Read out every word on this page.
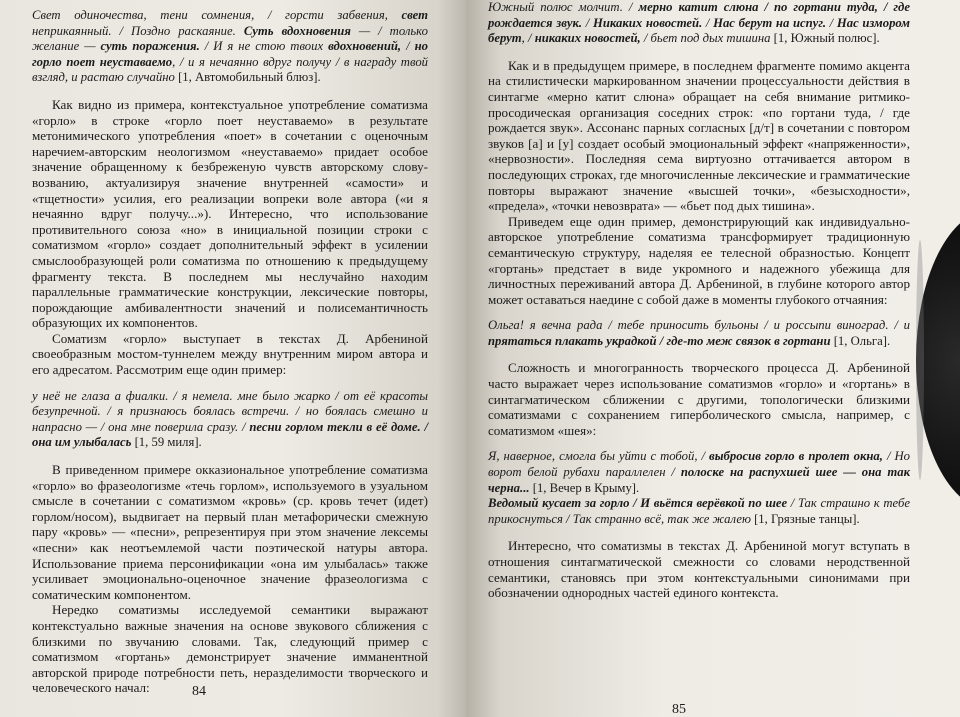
Свет одиночества, тени сомнения, / горсти забвения, свет неприкаянный. / Поздно раскаяние. Суть вдохновения — / только желание — суть поражения. / И я не стою твоих вдохновений, / но горло поет неуставаемо, / и я нечаянно вдруг получу / в награду твой взгляд, и растаю случайно [1, Автомобильный блюз].

Как видно из примера, контекстуальное употребление соматизма «горло» в строке «горло поет неуставаемо» в результате метонимического употребления «поет» в сочетании с оценочным наречием-авторским неологизмом «неуставаемо» придает особое значение обращенному к безбреженую чувств авторскому слову-возванию, актуализируя значение внутренней «самости» и «тщетности» усилия, его реализации вопреки воле автора («и я нечаянно вдруг получу...»). Интересно, что использование противительного союза «но» в инициальной позиции строки с соматизмом «горло» создает дополнительный эффект в усилении смыслообразующей роли соматизма по отношению к предыдущему фрагменту текста. В последнем мы неслучайно находим параллельные грамматические конструкции, лексические повторы, порождающие амбивалентности значений и полисемантичность образующих их компонентов.

Соматизм «горло» выступает в текстах Д. Арбениной своеобразным мостом-туннелем между внутренним миром автора и его адресатом. Рассмотрим еще один пример:

у неё не глаза а фиалки. / я немела. мне было жарко / от её красоты безупречной. / я признаюсь боялась встречи. / но боялась смешно и напрасно — / она мне поверила сразу. / песни горлом текли в её доме. / она им улыбалась [1, 59 миля].

В приведенном примере окказиональное употребление соматизма «горло» во фразеологизме «течь горлом», используемого в узуальном смысле в сочетании с соматизмом «кровь» (ср. кровь течет (идет) горлом/носом), выдвигает на первый план метафорически смежную пару «кровь» — «песни», репрезентируя при этом значение лексемы «песни» как неотъемлемой части поэтической натуры автора. Использование приема персонификации «она им улыбалась» также усиливает эмоционально-оценочное значение фразеологизма с соматическим компонентом.

Нередко соматизмы исследуемой семантики выражают контекстуально важные значения на основе звукового сближения с близкими по звучанию словами. Так, следующий пример с соматизмом «гортань» демонстрирует значение имманентной авторской природе потребности петь, неразделимости творческого и человеческого начал:	84

Южный полюс молчит. / мерно катит слюна / по гортани туда, / где рождается звук. / Никаких новостей. / Нас берут на испуг. / Нас измором берут, / никаких новостей, / бьет под дых тишина [1, Южный полюс].

Как и в предыдущем примере, в последнем фрагменте помимо акцента на стилистически маркированном значении процессуальности действия в синтагме «мерно катит слюна» обращает на себя внимание ритмико-просодическая организация соседних строк: «по гортани туда, / где рождается звук». Ассонанс парных согласных [д/т] в сочетании с повтором звуков [а] и [у] создает особый эмоциональный эффект «напряженности», «нервозности». Последняя сема виртуозно оттачивается автором в последующих строках, где многочисленные лексические и грамматические повторы выражают значение «высшей точки», «безысходности», «предела», «точки невозврата» — «бьет под дых тишина».

Приведем еще один пример, демонстрирующий как индивидуально-авторское употребление соматизма трансформирует традиционную семантическую структуру, наделяя ее телесной образностью. Концепт «гортань» предстает в виде укромного и надежного убежища для личностных переживаний автора Д. Арбениной, в глубине которого автор может оставаться наедине с собой даже в моменты глубокого отчаяния:

Ольга! я вечна рада / тебе приносить бульоны / и россыпи виноград. / и прятаться плакать украдкой / где-то меж связок в гортани [1, Ольга].

Сложность и многогранность творческого процесса Д. Арбениной часто выражает через использование соматизмов «горло» и «гортань» в синтагматическом сближении с другими, топологически близкими соматизмами с сохранением гиперболического смысла, например, с соматизмом «шея»:

Я, наверное, смогла бы уйти с тобой, / выбросив горло в пролет окна, / Но ворот белой рубахи параллелен / полоске на распухшей шее — она так черна... [1, Вечер в Крыму].

Ведомый кусает за горло / И вьётся верёвкой по шее / Так страшно к тебе прикоснуться / Так странно всё, так же жалею [1, Грязные танцы].

Интересно, что соматизмы в текстах Д. Арбениной могут вступать в отношения синтагматической смежности со словами неродственной семантики, становясь при этом контекстуальными синонимами при обозначении однородных частей единого контекста.

85
